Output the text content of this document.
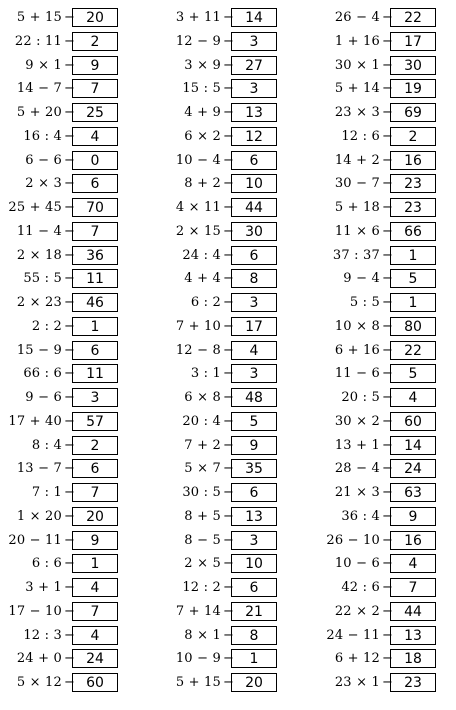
5 + 15 − 20
22 : 11 −	2
9 × 1 −	9
14 − 7 −	7
5 + 20 − 25
16 : 4 −	4
6 − 6 −	0
2 × 3 −	6
25 + 45 − 70
11 − 4 −	7
2 × 18 − 36
55 : 5 − 11
2 × 23 − 46
2 : 2 −	1
15 − 9 −	6
66 : 6 − 11
9 − 6 −	3
17 + 40 − 57
8 : 4 −	2
13 − 7 −	6
7 : 1 −	7
1 × 20 − 20
20 − 11 −	9
6 : 6 −	1
3 + 1 −	4
17 − 10 −	7
12 : 3 −	4
24 + 0 − 24
5 × 12 − 60
3 + 11 − 14
12 − 9 −	3
3 × 9 − 27
15 : 5 −	3
4 + 9 − 13
6 × 2 − 12
10 − 4 −	6
8 + 2 − 10
4 × 11 − 44
2 × 15 − 30
24 : 4 −	6
4 + 4 −	8
6 : 2 −	3
7 + 10 − 17
12 − 8 −	4
3 : 1 −	3
6 × 8 − 48
20 : 4 −	5
7 + 2 −	9
5 × 7 − 35
30 : 5 −	6
8 + 5 − 13
8 − 5 −	3
2 × 5 − 10
12 : 2 −	6
7 + 14 − 21
8 × 1 −	8
10 − 9 −	1
5 + 15 − 20
26 − 4 − 22
1 + 16 − 17
30 × 1 − 30
5 + 14 − 19
23 × 3 − 69
12 : 6 −	2
14 + 2 − 16
30 − 7 − 23
5 + 18 − 23
11 × 6 − 66
37 : 37 −	1
9 − 4 −	5
5 : 5 −	1
10 × 8 − 80
6 + 16 − 22
11 − 6 −	5
20 : 5 −	4
30 × 2 − 60
13 + 1 − 14
28 − 4 − 24
21 × 3 − 63
36 : 4 −	9
26 − 10 − 16
10 − 6 −	4
42 : 6 −	7
22 × 2 − 44
24 − 11 − 13
6 + 12 − 18
23 × 1 − 23
